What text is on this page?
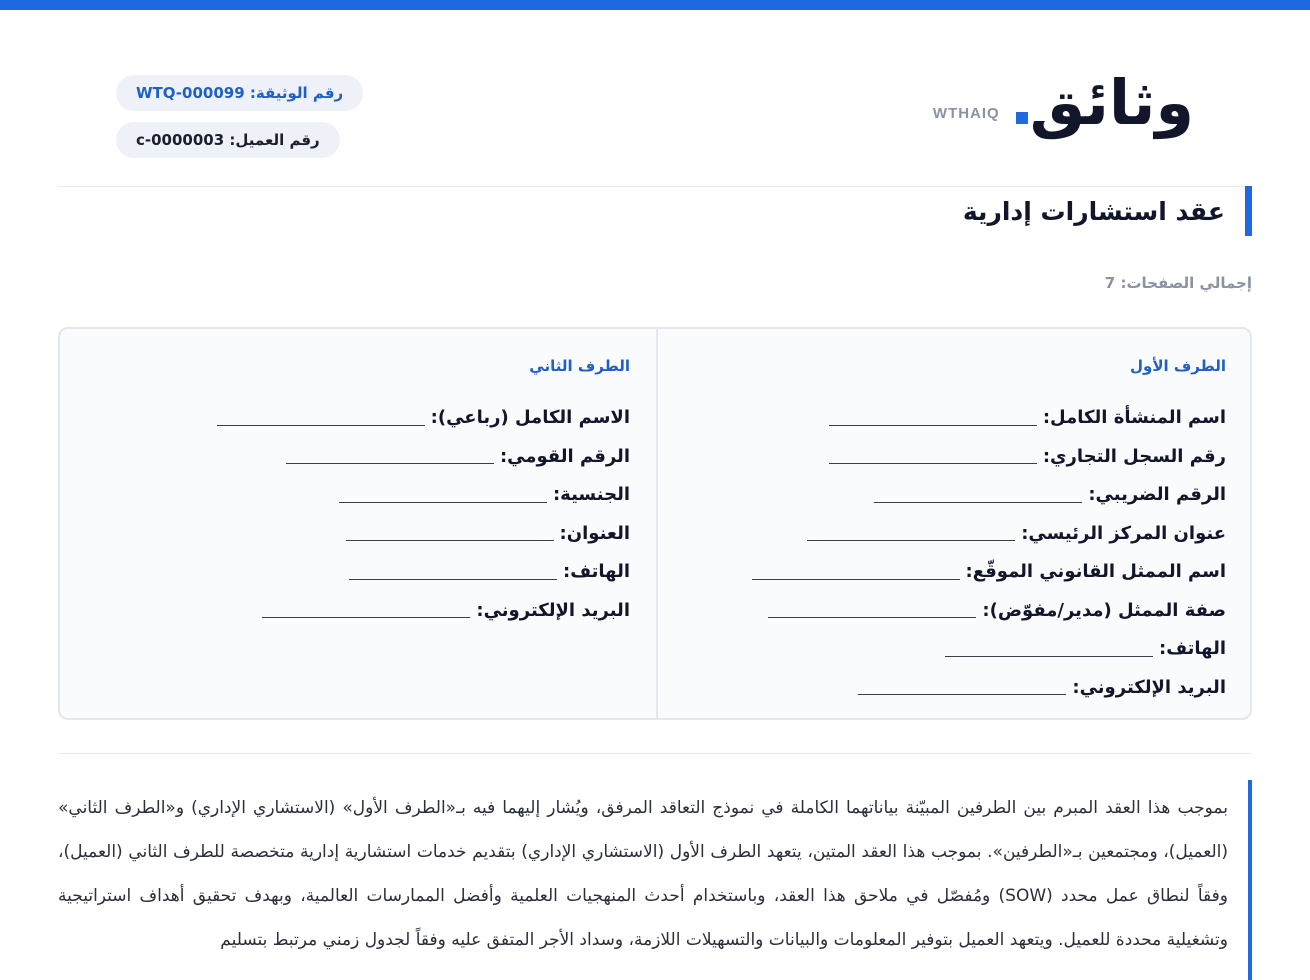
وثائق
WTHAIQ
رقم الوثيقة: WTQ-000099
رقم العميل: c-0000003
عقد استشارات إدارية
إجمالي الصفحات: 7
الطرف الأول
اسم المنشأة الكامل:
رقم السجل التجاري:
الرقم الضريبي:
عنوان المركز الرئيسي:
اسم الممثل القانوني الموقّع:
صفة الممثل (مدير/مفوّض):
الهاتف:
البريد الإلكتروني:
الطرف الثاني
الاسم الكامل (رباعي):
الرقم القومي:
الجنسية:
العنوان:
الهاتف:
البريد الإلكتروني:

بموجب هذا العقد المبرم بين الطرفين المبيّنة بياناتهما الكاملة في نموذج التعاقد المرفق، ويُشار إليهما فيه بـ«الطرف الأول» (الاستشاري الإداري) و«الطرف الثاني» (العميل)، ومجتمعين بـ«الطرفين». بموجب هذا العقد المتين، يتعهد الطرف الأول (الاستشاري الإداري) بتقديم خدمات استشارية إدارية متخصصة للطرف الثاني (العميل)، وفقاً لنطاق عمل محدد (SOW) ومُفصّل في ملاحق هذا العقد، وباستخدام أحدث المنهجيات العلمية وأفضل الممارسات العالمية، وبهدف تحقيق أهداف استراتيجية وتشغيلية محددة للعميل. ويتعهد العميل بتوفير المعلومات والبيانات والتسهيلات اللازمة، وسداد الأجر المتفق عليه وفقاً لجدول زمني مرتبط بتسليم
